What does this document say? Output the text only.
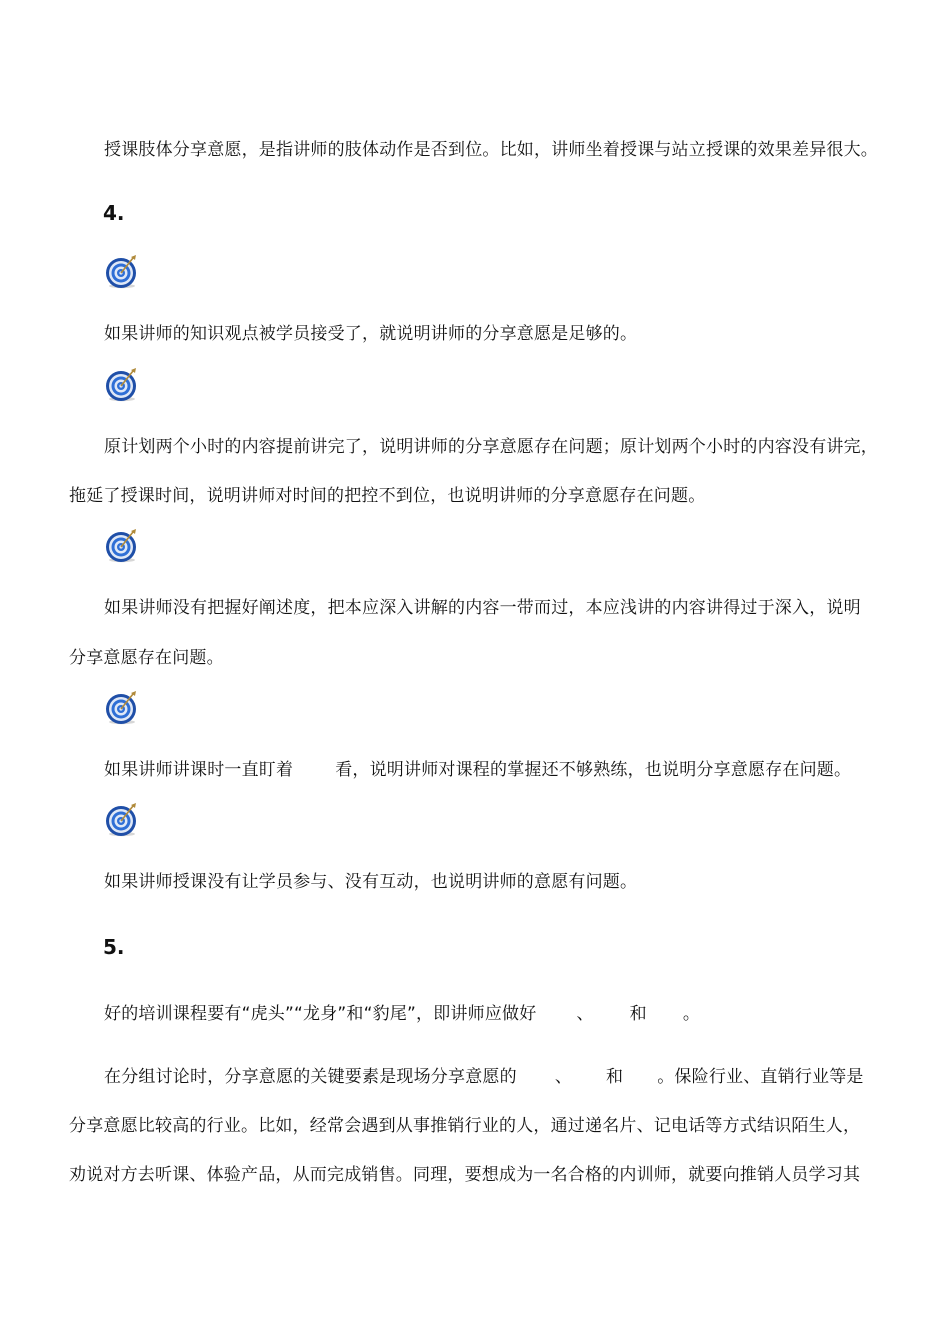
授课肢体分享意愿，是指讲师的肢体动作是否到位。比如，讲师坐着授课与站立授课的效果差异很大。
4.
如果讲师的知识观点被学员接受了，就说明讲师的分享意愿是足够的。
原计划两个小时的内容提前讲完了，说明讲师的分享意愿存在问题；原计划两个小时的内容没有讲完，
拖延了授课时间，说明讲师对时间的把控不到位，也说明讲师的分享意愿存在问题。
如果讲师没有把握好阐述度，把本应深入讲解的内容一带而过，本应浅讲的内容讲得过于深入，说明
分享意愿存在问题。
如果讲师讲课时一直盯着 看，说明讲师对课程的掌握还不够熟练，也说明分享意愿存在问题。
如果讲师授课没有让学员参与、没有互动，也说明讲师的意愿有问题。
5.
好的培训课程要有“虎头”“龙身”和“豹尾”，即讲师应做好 、 和 。
在分组讨论时，分享意愿的关键要素是现场分享意愿的 、 和 。保险行业、直销行业等是
分享意愿比较高的行业。比如，经常会遇到从事推销行业的人，通过递名片、记电话等方式结识陌生人，
劝说对方去听课、体验产品，从而完成销售。同理，要想成为一名合格的内训师，就要向推销人员学习其
